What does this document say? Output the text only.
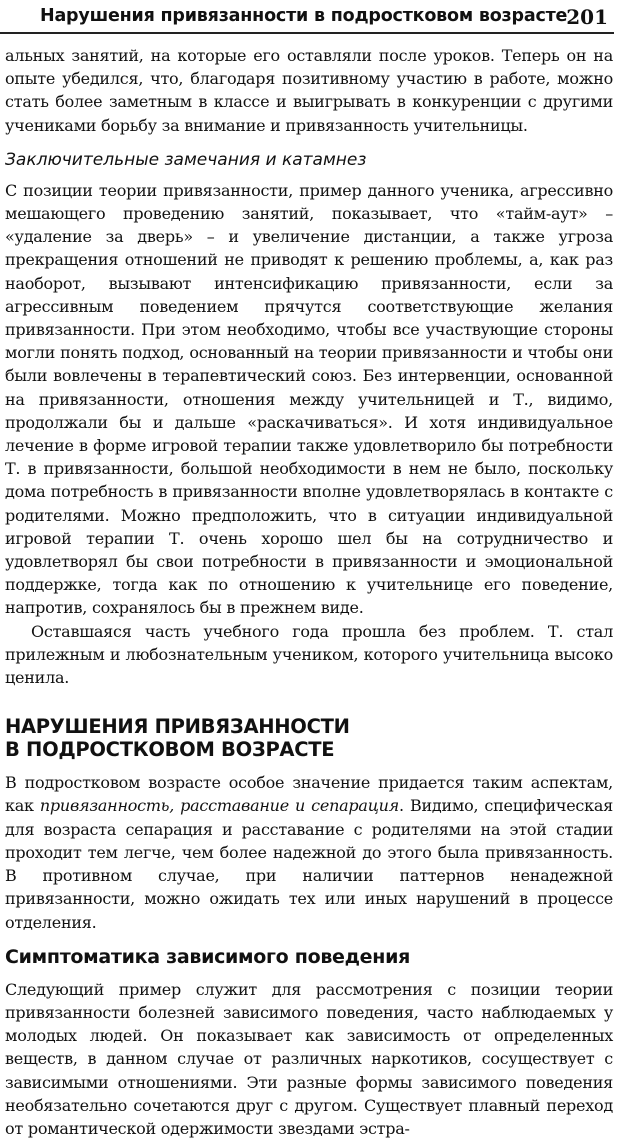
Нарушения привязанности в подростковом возрасте 201

альных занятий, на которые его оставляли после уроков. Теперь он на опыте убедился, что, благодаря позитивному участию в работе, можно стать более заметным в классе и выигрывать в конкуренции с другими учениками борьбу за внимание и привязанность учительницы.

Заключительные замечания и катамнез

С позиции теории привязанности, пример данного ученика, агрессивно мешающего проведению занятий, показывает, что «тайм-аут» – «удаление за дверь» – и увеличение дистанции, а также угроза прекращения отношений не приводят к решению проблемы, а, как раз наоборот, вызывают интенсификацию привязанности, если за агрессивным поведением прячутся соответствующие желания привязанности. При этом необходимо, чтобы все участвующие стороны могли понять подход, основанный на теории привязанности и чтобы они были вовлечены в терапевтический союз. Без интервенции, основанной на привязанности, отношения между учительницей и Т., видимо, продолжали бы и дальше «раскачиваться». И хотя индивидуальное лечение в форме игровой терапии также удовлетворило бы потребности Т. в привязанности, большой необходимости в нем не было, поскольку дома потребность в привязанности вполне удовлетворялась в контакте с родителями. Можно предположить, что в ситуации индивидуальной игровой терапии Т. очень хорошо шел бы на сотрудничество и удовлетворял бы свои потребности в привязанности и эмоциональной поддержке, тогда как по отношению к учительнице его поведение, напротив, сохранялось бы в прежнем виде.

Оставшаяся часть учебного года прошла без проблем. Т. стал прилежным и любознательным учеником, которого учительница высоко ценила.

НАРУШЕНИЯ ПРИВЯЗАННОСТИ
В ПОДРОСТКОВОМ ВОЗРАСТЕ

В подростковом возрасте особое значение придается таким аспектам, как привязанность, расставание и сепарация. Видимо, специфическая для возраста сепарация и расставание с родителями на этой стадии проходит тем легче, чем более надежной до этого была привязанность. В противном случае, при наличии паттернов ненадежной привязанности, можно ожидать тех или иных нарушений в процессе отделения.

Симптоматика зависимого поведения

Следующий пример служит для рассмотрения с позиции теории привязанности болезней зависимого поведения, часто наблюдаемых у молодых людей. Он показывает как зависимость от определенных веществ, в данном случае от различных наркотиков, сосуществует с зависимыми отношениями. Эти разные формы зависимого поведения необязательно сочетаются друг с другом. Существует плавный переход от романтической одержимости звездами эстра-
